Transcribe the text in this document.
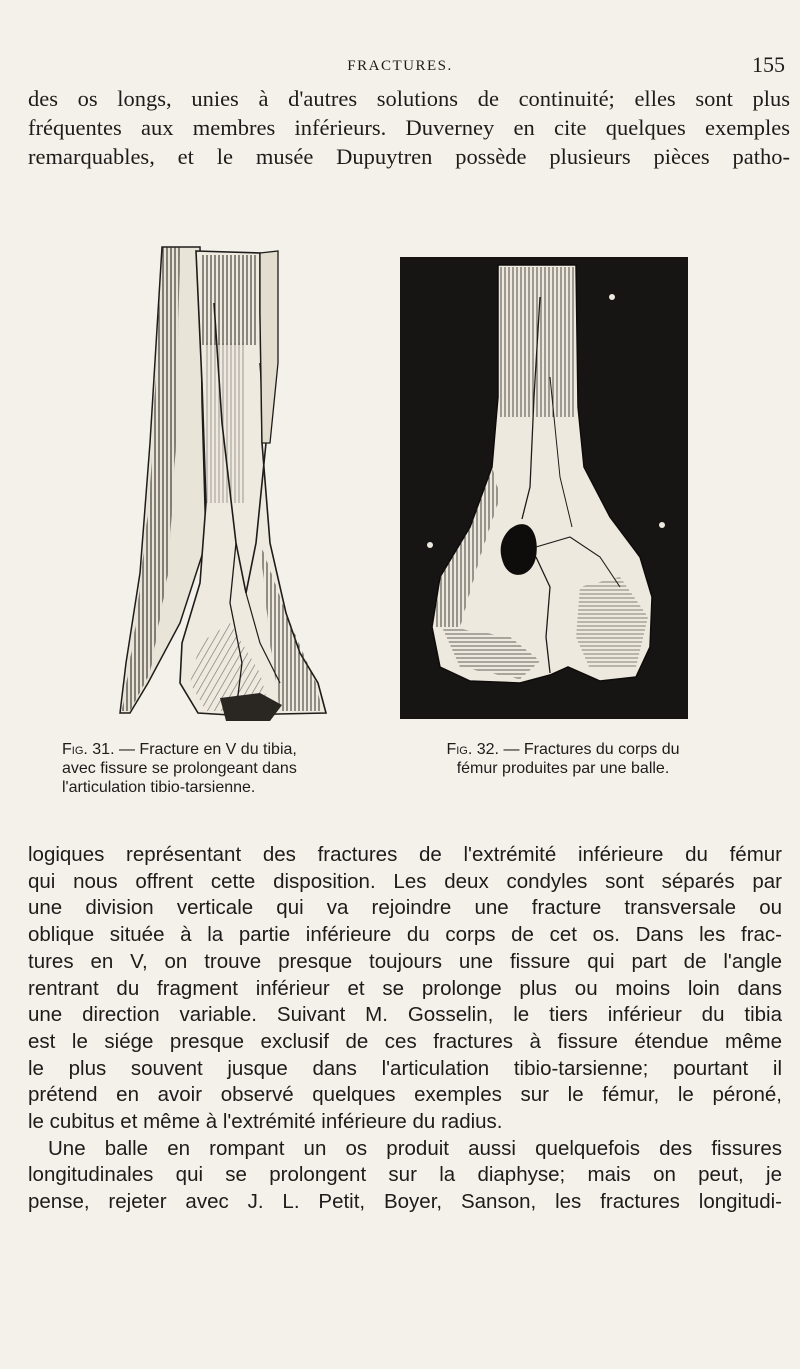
FRACTURES.	155
des os longs, unies à d'autres solutions de continuité; elles sont plus
fréquentes aux membres inférieurs. Duverney en cite quelques exemples
remarquables, et le musée Dupuytren possède plusieurs pièces patho-
Fig. 31. — Fracture en V du tibia,
avec fissure se prolongeant dans
l'articulation tibio-tarsienne.
Fig. 32. — Fractures du corps du
fémur produites par une balle.
logiques représentant des fractures de l'extrémité inférieure du fémur
qui nous offrent cette disposition. Les deux condyles sont séparés par
une division verticale qui va rejoindre une fracture transversale ou
oblique située à la partie inférieure du corps de cet os. Dans les frac-
tures en V, on trouve presque toujours une fissure qui part de l'angle
rentrant du fragment inférieur et se prolonge plus ou moins loin dans
une direction variable. Suivant M. Gosselin, le tiers inférieur du tibia
est le siége presque exclusif de ces fractures à fissure étendue même
le plus souvent jusque dans l'articulation tibio-tarsienne; pourtant il
prétend en avoir observé quelques exemples sur le fémur, le péroné,
le cubitus et même à l'extrémité inférieure du radius.
Une balle en rompant un os produit aussi quelquefois des fissures
longitudinales qui se prolongent sur la diaphyse; mais on peut, je
pense, rejeter avec J. L. Petit, Boyer, Sanson, les fractures longitudi-
